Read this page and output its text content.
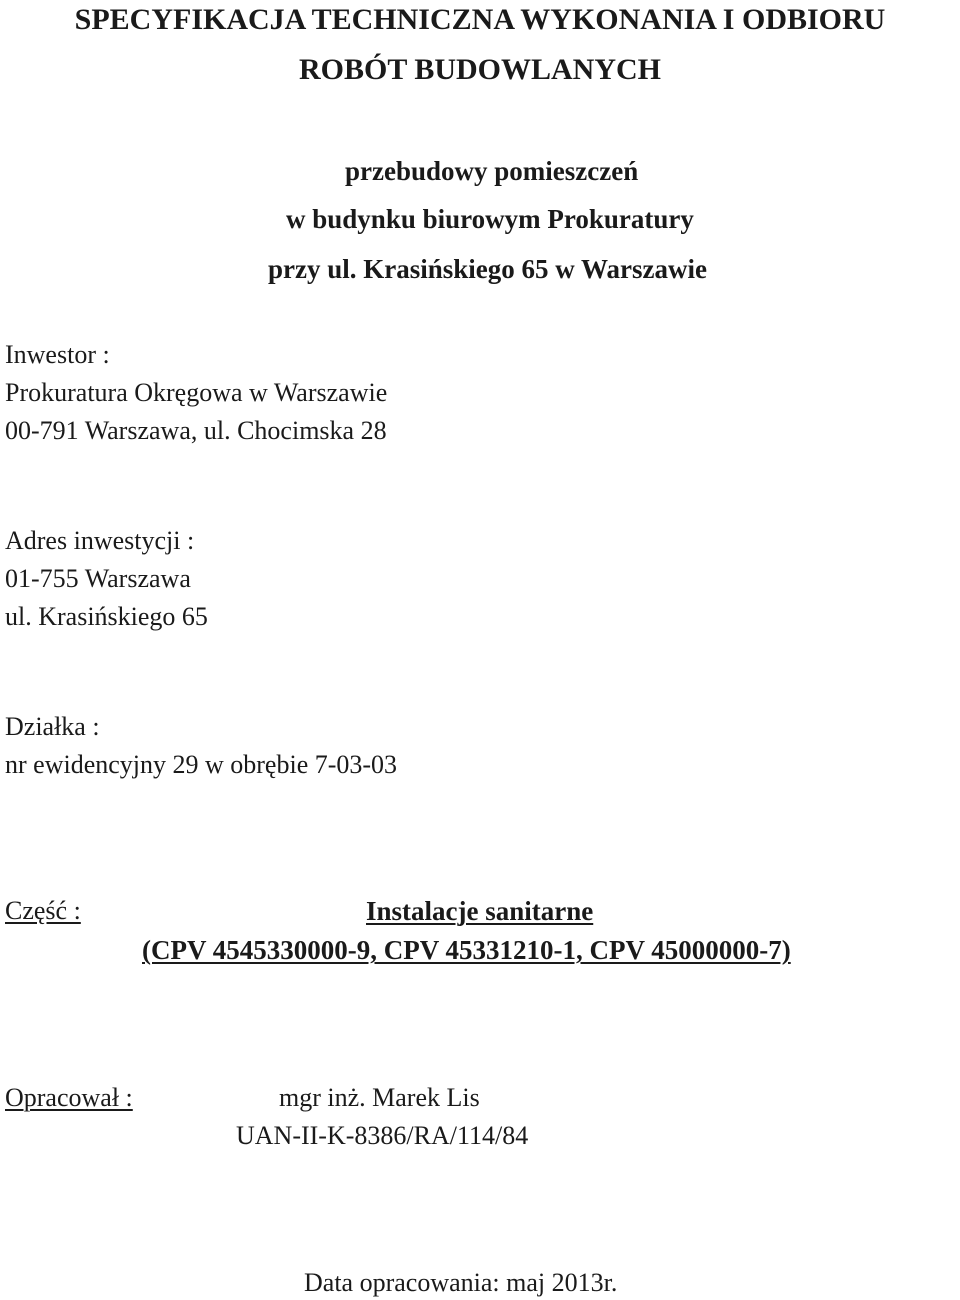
SPECYFIKACJA TECHNICZNA WYKONANIA I ODBIORU
ROBÓT BUDOWLANYCH
przebudowy pomieszczeń
w budynku biurowym Prokuratury
przy ul. Krasińskiego 65 w Warszawie
Inwestor :
Prokuratura Okręgowa w Warszawie
00-791 Warszawa, ul. Chocimska 28
Adres inwestycji :
01-755 Warszawa
ul. Krasińskiego 65
Działka :
nr ewidencyjny 29 w obrębie 7-03-03
Część :	Instalacje sanitarne
(CPV 4545330000-9, CPV 45331210-1, CPV 45000000-7)
Opracował :	mgr inż. Marek Lis
UAN-II-K-8386/RA/114/84
Data opracowania: maj 2013r.
